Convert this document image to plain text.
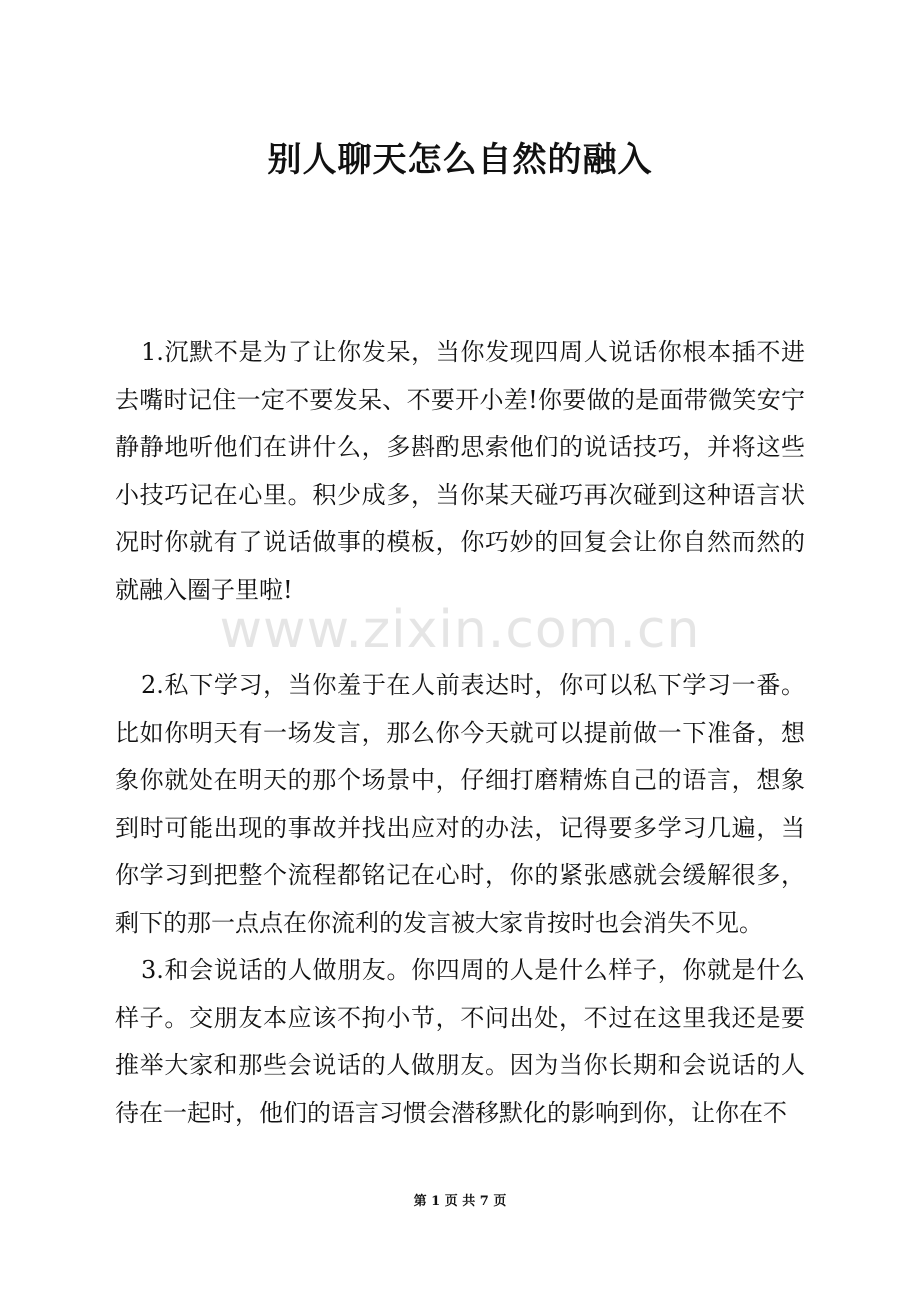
别人聊天怎么自然的融入

1.沉默不是为了让你发呆，当你发现四周人说话你根本插不进去嘴时记住一定不要发呆、不要开小差!你要做的是面带微笑安宁静静地听他们在讲什么，多斟酌思索他们的说话技巧，并将这些小技巧记在心里。积少成多，当你某天碰巧再次碰到这种语言状况时你就有了说话做事的模板，你巧妙的回复会让你自然而然的就融入圈子里啦!

www.zixin.com.cn

2.私下学习，当你羞于在人前表达时，你可以私下学习一番。比如你明天有一场发言，那么你今天就可以提前做一下准备，想象你就处在明天的那个场景中，仔细打磨精炼自己的语言，想象到时可能出现的事故并找出应对的办法，记得要多学习几遍，当你学习到把整个流程都铭记在心时，你的紧张感就会缓解很多，剩下的那一点点在你流利的发言被大家肯按时也会消失不见。

3.和会说话的人做朋友。你四周的人是什么样子，你就是什么样子。交朋友本应该不拘小节，不问出处，不过在这里我还是要推举大家和那些会说话的人做朋友。因为当你长期和会说话的人待在一起时，他们的语言习惯会潜移默化的影响到你，让你在不

第 1 页 共 7 页
